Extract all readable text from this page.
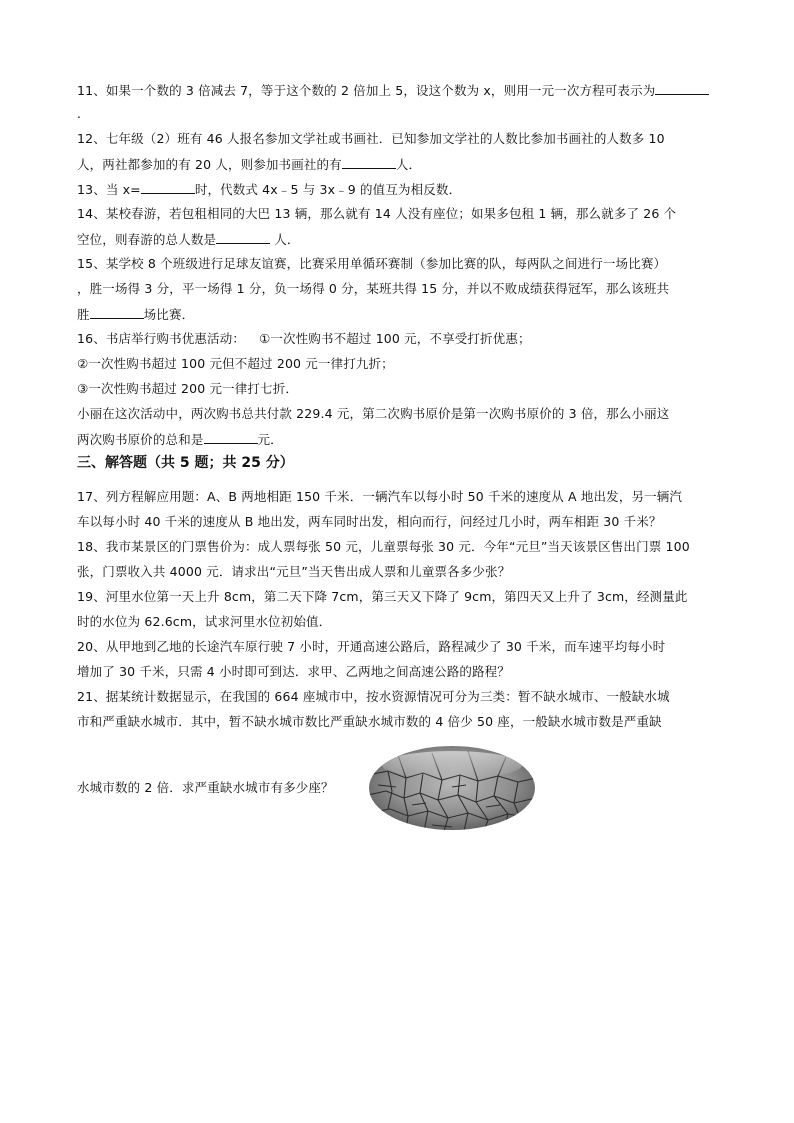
11、如果一个数的 3 倍减去 7，等于这个数的 2 倍加上 5，设这个数为 x，则用一元一次方程可表示为
.
12、七年级（2）班有 46 人报名参加文学社或书画社．已知参加文学社的人数比参加书画社的人数多 10
人，两社都参加的有 20 人，则参加书画社的有	人．
13、当 x=	时，代数式 4x﹣5 与 3x﹣9 的值互为相反数．
14、某校春游，若包租相同的大巴 13 辆，那么就有 14 人没有座位；如果多包租 1 辆，那么就多了 26 个
空位，则春游的总人数是	人．
15、某学校 8 个班级进行足球友谊赛，比赛采用单循环赛制（参加比赛的队，每两队之间进行一场比赛）
，胜一场得 3 分，平一场得 1 分，负一场得 0 分，某班共得 15 分，并以不败成绩获得冠军，那么该班共
胜	场比赛．
16、书店举行购书优惠活动： ①一次性购书不超过 100 元，不享受打折优惠；
②一次性购书超过 100 元但不超过 200 元一律打九折；
③一次性购书超过 200 元一律打七折．
小丽在这次活动中，两次购书总共付款 229.4 元，第二次购书原价是第一次购书原价的 3 倍，那么小丽这
两次购书原价的总和是	元．
三、解答题（共 5 题；共 25 分）
17、列方程解应用题：A、B 两地相距 150 千米．一辆汽车以每小时 50 千米的速度从 A 地出发，另一辆汽
车以每小时 40 千米的速度从 B 地出发，两车同时出发，相向而行，问经过几小时，两车相距 30 千米？
18、我市某景区的门票售价为：成人票每张 50 元，儿童票每张 30 元．今年“元旦”当天该景区售出门票 100
张，门票收入共 4000 元．请求出“元旦”当天售出成人票和儿童票各多少张？
19、河里水位第一天上升 8cm，第二天下降 7cm，第三天又下降了 9cm，第四天又上升了 3cm，经测量此
时的水位为 62.6cm，试求河里水位初始值．
20、从甲地到乙地的长途汽车原行驶 7 小时，开通高速公路后，路程减少了 30 千米，而车速平均每小时
增加了 30 千米，只需 4 小时即可到达．求甲、乙两地之间高速公路的路程？
21、据某统计数据显示，在我国的 664 座城市中，按水资源情况可分为三类：暂不缺水城市、一般缺水城
市和严重缺水城市．其中，暂不缺水城市数比严重缺水城市数的 4 倍少 50 座，一般缺水城市数是严重缺
水城市数的 2 倍．求严重缺水城市有多少座？
